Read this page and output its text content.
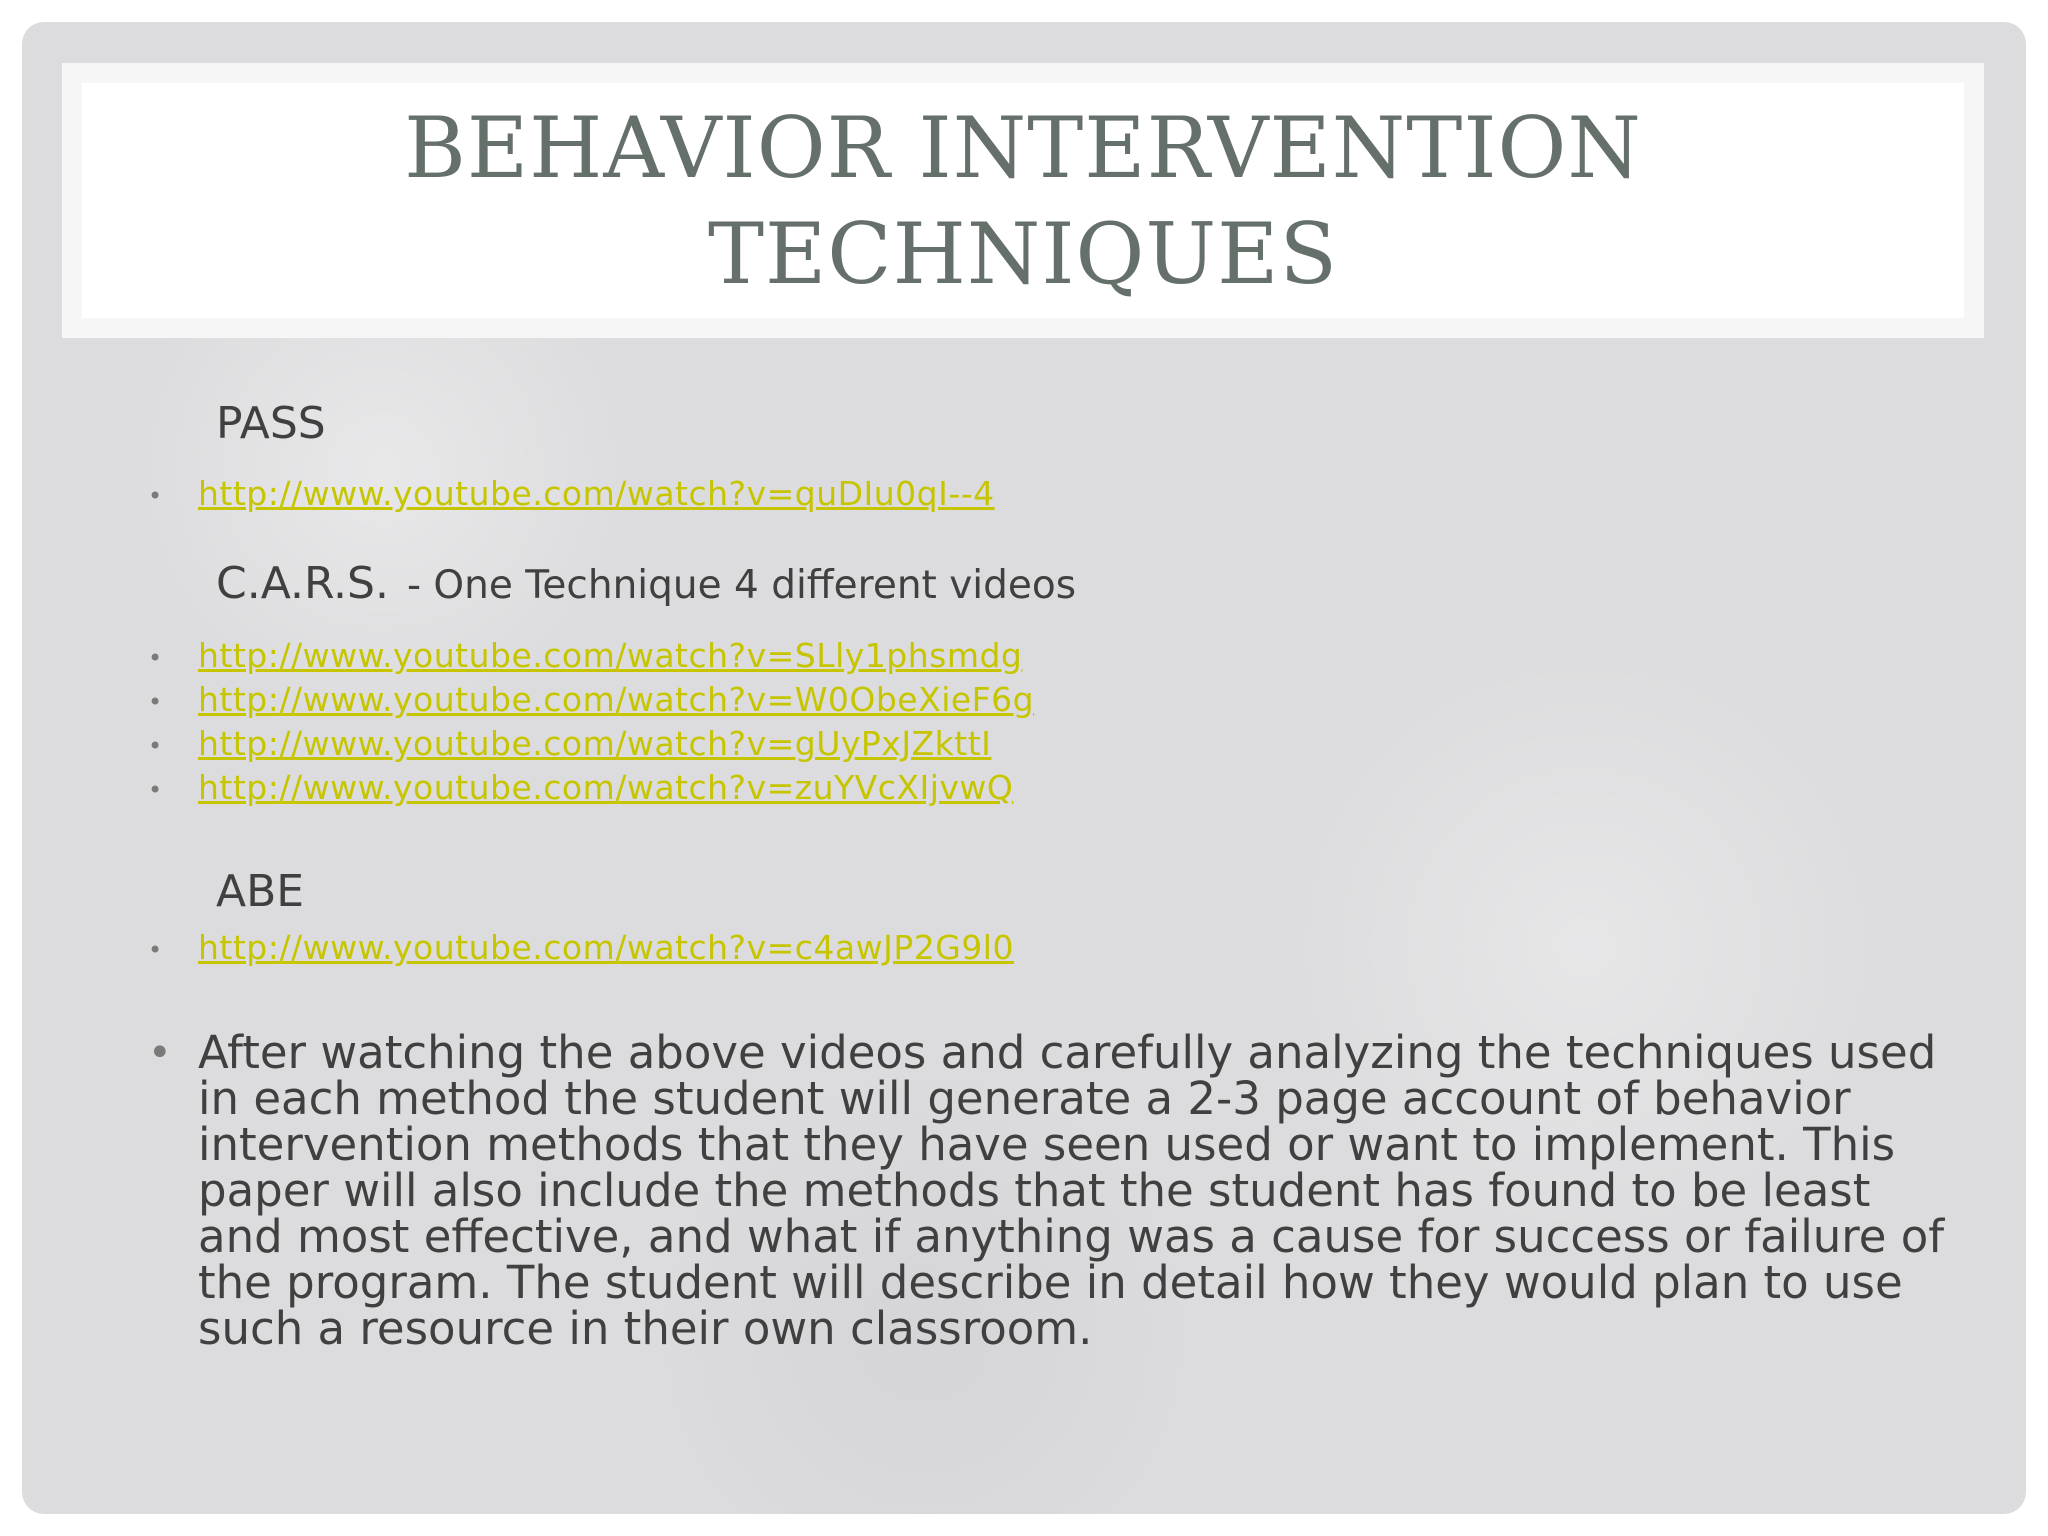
BEHAVIOR INTERVENTION
TECHNIQUES
PASS
• http://www.youtube.com/watch?v=quDIu0qI--4
C.A.R.S. - One Technique 4 different videos
• http://www.youtube.com/watch?v=SLly1phsmdg
• http://www.youtube.com/watch?v=W0ObeXieF6g
• http://www.youtube.com/watch?v=gUyPxJZkttI
• http://www.youtube.com/watch?v=zuYVcXIjvwQ
ABE
• http://www.youtube.com/watch?v=c4awJP2G9l0
• After watching the above videos and carefully analyzing the techniques used in each method the student will generate a 2-3 page account of behavior intervention methods that they have seen used or want to implement. This paper will also include the methods that the student has found to be least and most effective, and what if anything was a cause for success or failure of the program. The student will describe in detail how they would plan to use such a resource in their own classroom.
